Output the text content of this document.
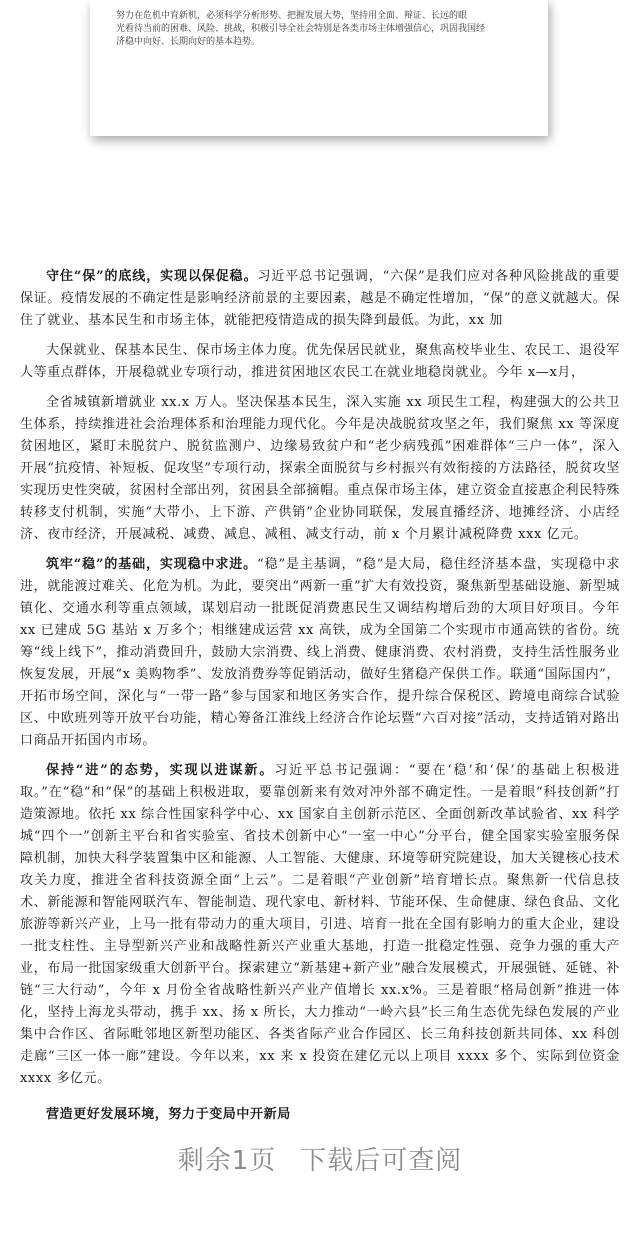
努力在危机中育新机，必须科学分析形势、把握发展大势，坚持用全面、辩证、长远的眼
光看待当前的困难、风险、挑战，积极引导全社会特别是各类市场主体增强信心，巩固我国经
济稳中向好、长期向好的基本趋势。

守住“保”的底线，实现以保促稳。习近平总书记强调，“六保”是我们应对各种风险挑战的重要保证。疫情发展的不确定性是影响经济前景的主要因素，越是不确定性增加，“保”的意义就越大。保住了就业、基本民生和市场主体，就能把疫情造成的损失降到最低。为此，xx 加

大保就业、保基本民生、保市场主体力度。优先保居民就业，聚焦高校毕业生、农民工、退役军人等重点群体，开展稳就业专项行动，推进贫困地区农民工在就业地稳岗就业。今年 x—x月，

全省城镇新增就业 xx.x 万人。坚决保基本民生，深入实施 xx 项民生工程，构建强大的公共卫生体系，持续推进社会治理体系和治理能力现代化。今年是决战脱贫攻坚之年，我们聚焦 xx 等深度贫困地区，紧盯未脱贫户、脱贫监测户、边缘易致贫户和“老少病残孤”困难群体“三户一体”，深入开展“抗疫情、补短板、促攻坚”专项行动，探索全面脱贫与乡村振兴有效衔接的方法路径，脱贫攻坚实现历史性突破，贫困村全部出列，贫困县全部摘帽。重点保市场主体，建立资金直接惠企利民特殊转移支付机制，实施“大带小、上下游、产供销”企业协同联保，发展直播经济、地摊经济、小店经济、夜市经济，开展减税、减费、减息、减租、减支行动，前 x 个月累计减税降费 xxx 亿元。

筑牢“稳”的基础，实现稳中求进。“稳”是主基调，“稳”是大局，稳住经济基本盘，实现稳中求进，就能渡过难关、化危为机。为此，要突出“两新一重”扩大有效投资，聚焦新型基础设施、新型城镇化、交通水利等重点领域，谋划启动一批既促消费惠民生又调结构增后劲的大项目好项目。今年 xx 已建成 5G 基站 x 万多个；相继建成运营 xx 高铁，成为全国第二个实现市市通高铁的省份。统筹“线上线下”，推动消费回升，鼓励大宗消费、线上消费、健康消费、农村消费，支持生活性服务业恢复发展，开展“x 美购物季”、发放消费券等促销活动，做好生猪稳产保供工作。联通“国际国内”，开拓市场空间，深化与“一带一路”参与国家和地区务实合作，提升综合保税区、跨境电商综合试验区、中欧班列等开放平台功能，精心筹备江淮线上经济合作论坛暨“六百对接”活动，支持适销对路出口商品开拓国内市场。

保持“进”的态势，实现以进谋新。习近平总书记强调：“要在‘稳’和‘保’的基础上积极进取。”在“稳”和“保”的基础上积极进取，要靠创新来有效对冲外部不确定性。一是着眼“科技创新”打造策源地。依托 xx 综合性国家科学中心、xx 国家自主创新示范区、全面创新改革试验省、xx 科学城“四个一”创新主平台和省实验室、省技术创新中心“一室一中心”分平台，健全国家实验室服务保障机制，加快大科学装置集中区和能源、人工智能、大健康、环境等研究院建设，加大关键核心技术攻关力度，推进全省科技资源全面“上云”。二是着眼“产业创新”培育增长点。聚焦新一代信息技术、新能源和智能网联汽车、智能制造、现代家电、新材料、节能环保、生命健康、绿色食品、文化旅游等新兴产业，上马一批有带动力的重大项目，引进、培育一批在全国有影响力的重大企业，建设一批支柱性、主导型新兴产业和战略性新兴产业重大基地，打造一批稳定性强、竞争力强的重大产业，布局一批国家级重大创新平台。探索建立“新基建+新产业”融合发展模式，开展强链、延链、补链“三大行动”，今年 x 月份全省战略性新兴产业产值增长 xx.x%。三是着眼“格局创新”推进一体化，坚持上海龙头带动，携手 xx、扬 x 所长，大力推动“一岭六县”长三角生态优先绿色发展的产业集中合作区、省际毗邻地区新型功能区、各类省际产业合作园区、长三角科技创新共同体、xx 科创走廊“三区一体一廊”建设。今年以来，xx 来 x 投资在建亿元以上项目 xxxx 多个、实际到位资金 xxxx 多亿元。

营造更好发展环境，努力于变局中开新局

剩余1页 下载后可查阅
